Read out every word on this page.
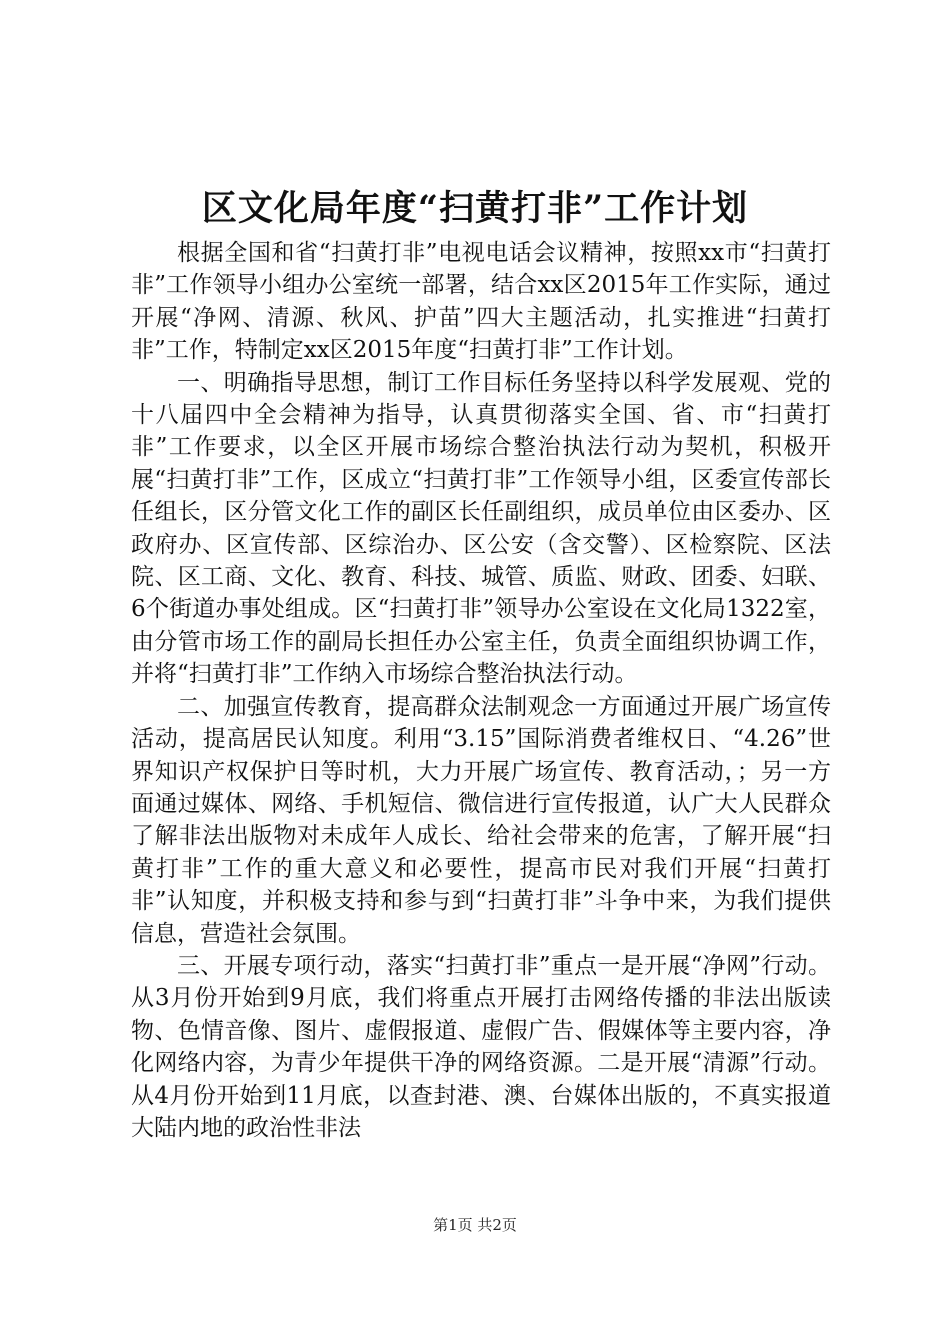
区文化局年度“扫黄打非”工作计划

根据全国和省“扫黄打非”电视电话会议精神，按照xx市“扫黄打非”工作领导小组办公室统一部署，结合xx区2015年工作实际，通过开展“净网、清源、秋风、护苗”四大主题活动，扎实推进“扫黄打非”工作，特制定xx区2015年度“扫黄打非”工作计划。

一、明确指导思想，制订工作目标任务坚持以科学发展观、党的十八届四中全会精神为指导，认真贯彻落实全国、省、市“扫黄打非”工作要求，以全区开展市场综合整治执法行动为契机，积极开展“扫黄打非”工作，区成立“扫黄打非”工作领导小组，区委宣传部长任组长，区分管文化工作的副区长任副组织，成员单位由区委办、区政府办、区宣传部、区综治办、区公安（含交警）、区检察院、区法院、区工商、文化、教育、科技、城管、质监、财政、团委、妇联、6个街道办事处组成。区“扫黄打非”领导办公室设在文化局1322室，由分管市场工作的副局长担任办公室主任，负责全面组织协调工作，并将“扫黄打非”工作纳入市场综合整治执法行动。

二、加强宣传教育，提高群众法制观念一方面通过开展广场宣传活动，提高居民认知度。利用“3.15”国际消费者维权日、“4.26”世界知识产权保护日等时机，大力开展广场宣传、教育活动，；另一方面通过媒体、网络、手机短信、微信进行宣传报道，认广大人民群众了解非法出版物对未成年人成长、给社会带来的危害，了解开展“扫黄打非”工作的重大意义和必要性，提高市民对我们开展“扫黄打非”认知度，并积极支持和参与到“扫黄打非”斗争中来，为我们提供信息，营造社会氛围。

三、开展专项行动，落实“扫黄打非”重点一是开展“净网”行动。从3月份开始到9月底，我们将重点开展打击网络传播的非法出版读物、色情音像、图片、虚假报道、虚假广告、假媒体等主要内容，净化网络内容，为青少年提供干净的网络资源。二是开展“清源”行动。从4月份开始到11月底，以查封港、澳、台媒体出版的，不真实报道大陆内地的政治性非法

第1页 共2页
